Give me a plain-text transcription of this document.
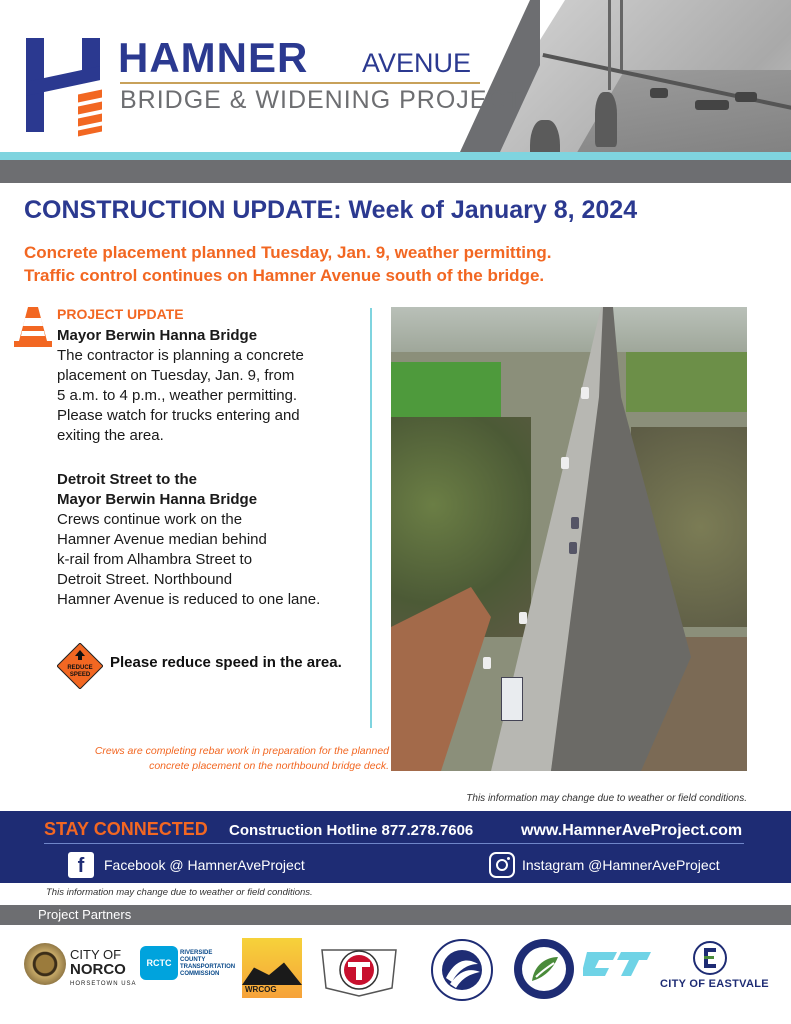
HAMNER AVENUE
BRIDGE & WIDENING PROJECT
CONSTRUCTION UPDATE: Week of January 8, 2024
Concrete placement planned Tuesday, Jan. 9, weather permitting.
Traffic control continues on Hamner Avenue south of the bridge.
PROJECT UPDATE
Mayor Berwin Hanna Bridge
The contractor is planning a concrete
placement on Tuesday, Jan. 9, from
5 a.m. to 4 p.m., weather permitting.
Please watch for trucks entering and
exiting the area.
Detroit Street to the
Mayor Berwin Hanna Bridge
Crews continue work on the
Hamner Avenue median behind
k-rail from Alhambra Street to
Detroit Street. Northbound
Hamner Avenue is reduced to one lane.
REDUCE
SPEED
Please reduce speed in the area.
Crews are completing rebar work in preparation for the planned
concrete placement on the northbound bridge deck.
This information may change due to weather or field conditions.
STAY CONNECTED Construction Hotline 877.278.7606	www.HamnerAveProject.com
f	Facebook @ HamnerAveProject	Instagram @HamnerAveProject
This information may change due to weather or field conditions.
Project Partners
CITY OF
NORCO
HORSETOWN USA
RCTC
RIVERSIDE
COUNTY
TRANSPORTATION
COMMISSION
WRCOG	CITY OF EASTVALE
